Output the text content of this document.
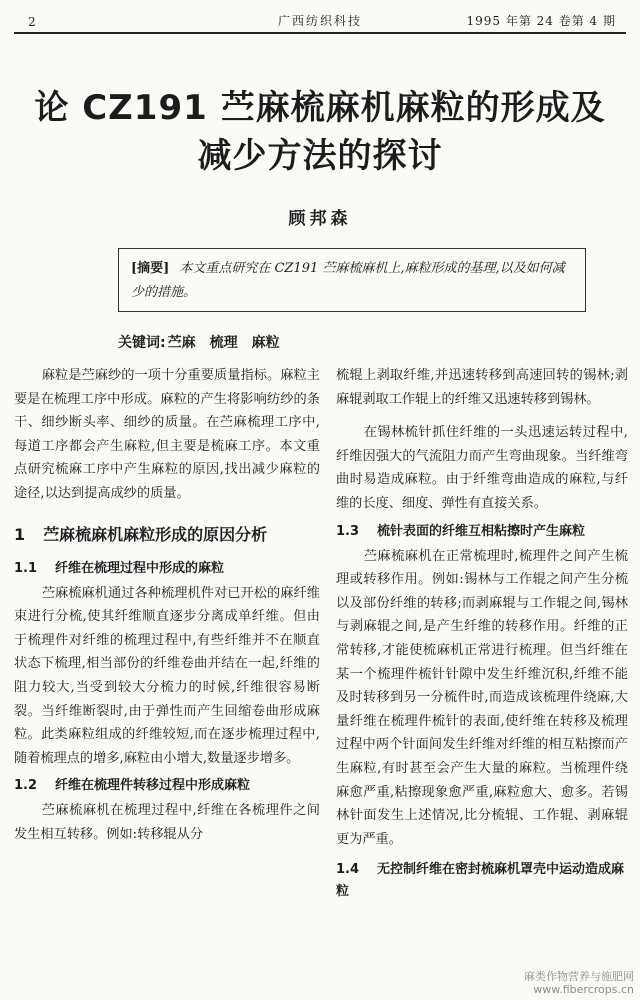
2	广西纺织科技	1995 年第 24 卷第 4 期
论 CZ191 苎麻梳麻机麻粒的形成及
减少方法的探讨
顾邦森
[摘要] 本文重点研究在 CZ191 苎麻梳麻机上,麻粒形成的基理,以及如何减少的措施。
关键词: 苎麻 梳理 麻粒

麻粒是苎麻纱的一项十分重要质量指标。麻粒主要是在梳理工序中形成。麻粒的产生将影响纺纱的条干、细纱断头率、细纱的质量。在苎麻梳理工序中,每道工序都会产生麻粒,但主要是梳麻工序。本文重点研究梳麻工序中产生麻粒的原因,找出减少麻粒的途径,以达到提高成纱的质量。

1 苎麻梳麻机麻粒形成的原因分析
1.1 纤维在梳理过程中形成的麻粒

苎麻梳麻机通过各种梳理机件对已开松的麻纤维束进行分梳,使其纤维顺直逐步分离成单纤维。但由于梳理件对纤维的梳理过程中,有些纤维并不在顺直状态下梳理,相当部份的纤维卷曲并结在一起,纤维的阻力较大,当受到较大分梳力的时候,纤维很容易断裂。当纤维断裂时,由于弹性而产生回缩卷曲形成麻粒。此类麻粒组成的纤维较短,而在逐步梳理过程中,随着梳理点的增多,麻粒由小增大,数量逐步增多。

1.2 纤维在梳理件转移过程中形成麻粒

苎麻梳麻机在梳理过程中,纤维在各梳理件之间发生相互转移。例如:转移辊从分

梳辊上剥取纤维,并迅速转移到高速回转的锡林;剥麻辊剥取工作辊上的纤维又迅速转移到锡林。

在锡林梳针抓住纤维的一头迅速运转过程中,纤维因强大的气流阻力而产生弯曲现象。当纤维弯曲时易造成麻粒。由于纤维弯曲造成的麻粒,与纤维的长度、细度、弹性有直接关系。

1.3 梳针表面的纤维互相粘擦时产生麻粒

苎麻梳麻机在正常梳理时,梳理件之间产生梳理或转移作用。例如:锡林与工作辊之间产生分梳以及部份纤维的转移;而剥麻辊与工作辊之间,锡林与剥麻辊之间,是产生纤维的转移作用。纤维的正常转移,才能使梳麻机正常进行梳理。但当纤维在某一个梳理件梳针针隙中发生纤维沉积,纤维不能及时转移到另一分梳件时,而造成该梳理件绕麻,大量纤维在梳理件梳针的表面,使纤维在转移及梳理过程中两个针面间发生纤维对纤维的相互粘擦而产生麻粒,有时甚至会产生大量的麻粒。当梳理件绕麻愈严重,粘擦现象愈严重,麻粒愈大、愈多。若锡林针面发生上述情况,比分梳辊、工作辊、剥麻辊更为严重。

1.4 无控制纤维在密封梳麻机罩壳中运动造成麻粒
麻类作物营养与施肥网
www.fibercrops.cn
